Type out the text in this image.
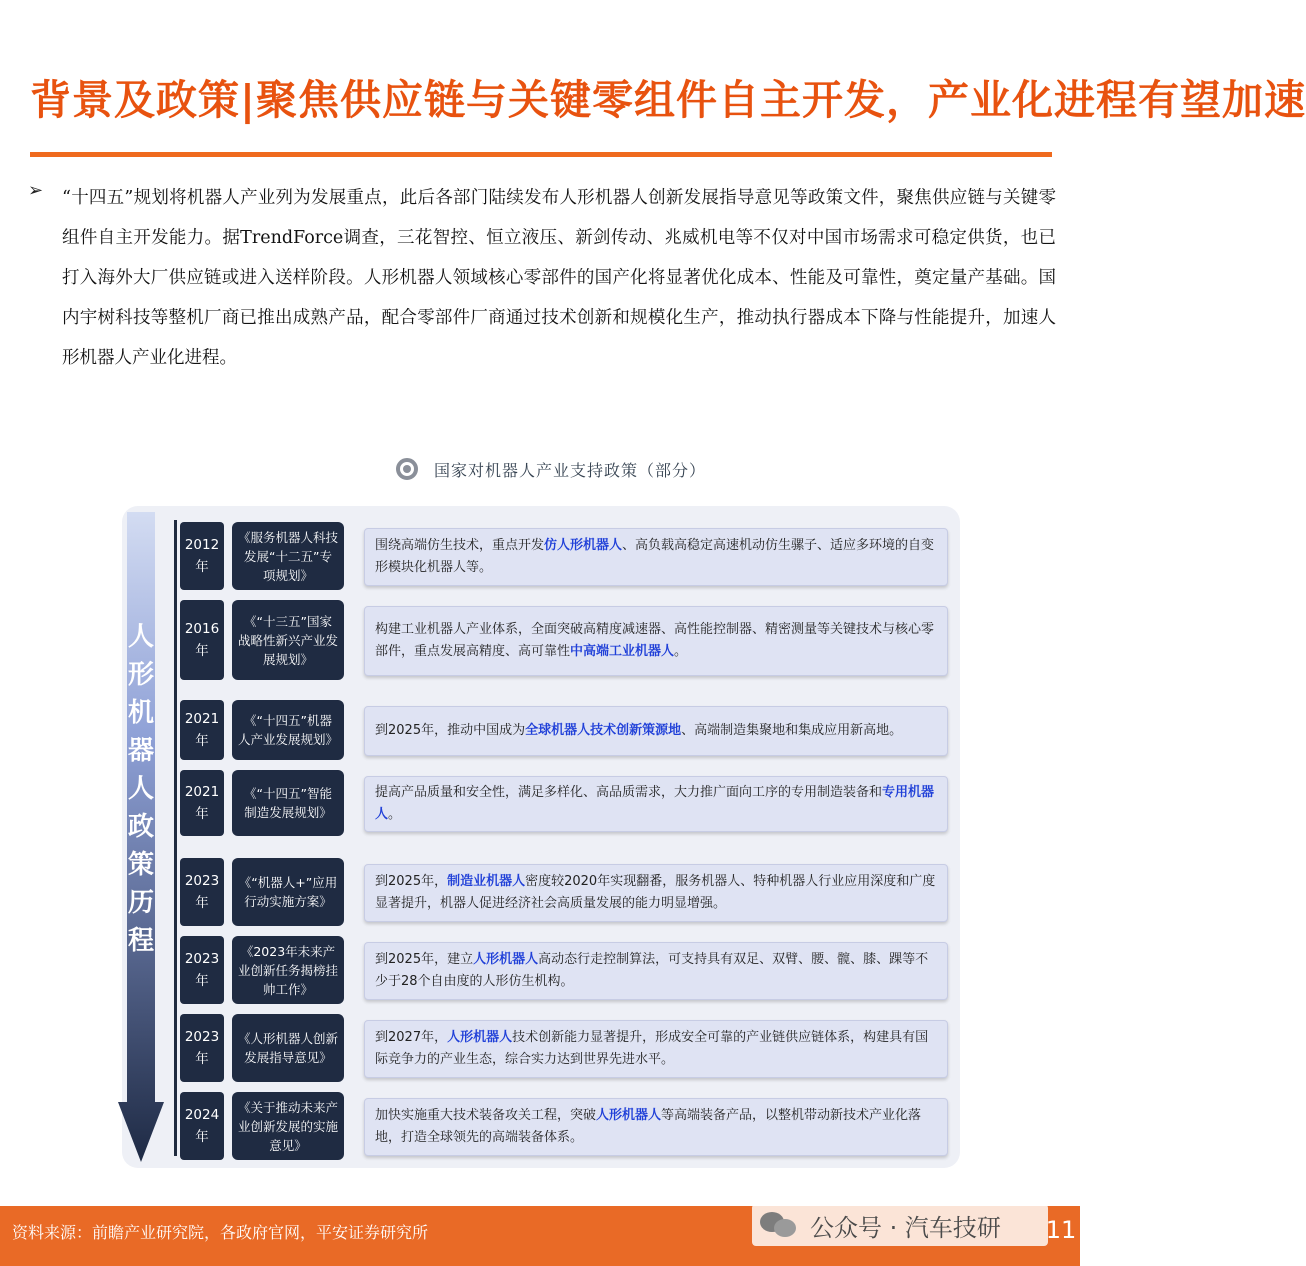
背景及政策|聚焦供应链与关键零组件自主开发，产业化进程有望加速
➢	“十四五”规划将机器人产业列为发展重点，此后各部门陆续发布人形机器人创新发展指导意见等政策文件，聚焦供应链与关键零组件自主开发能力。据TrendForce调查，三花智控、恒立液压、新剑传动、兆威机电等不仅对中国市场需求可稳定供货，也已打入海外大厂供应链或进入送样阶段。人形机器人领域核心零部件的国产化将显著优化成本、性能及可靠性，奠定量产基础。国内宇树科技等整机厂商已推出成熟产品，配合零部件厂商通过技术创新和规模化生产，推动执行器成本下降与性能提升，加速人形机器人产业化进程。
国家对机器人产业支持政策（部分）
人
形
机
器
人
政
策
历
程
2012
年
《服务机器人科技发展“十二五”专项规划》
围绕高端仿生技术，重点开发仿人形机器人、高负载高稳定高速机动仿生骡子、适应多环境的自变形模块化机器人等。
2016
年
《“十三五”国家战略性新兴产业发展规划》
构建工业机器人产业体系，全面突破高精度减速器、高性能控制器、精密测量等关键技术与核心零部件，重点发展高精度、高可靠性中高端工业机器人。
2021
年
《“十四五”机器人产业发展规划》
到2025年，推动中国成为全球机器人技术创新策源地、高端制造集聚地和集成应用新高地。
2021
年
《“十四五”智能制造发展规划》
提高产品质量和安全性，满足多样化、高品质需求，大力推广面向工序的专用制造装备和专用机器人。
2023
年
《“机器人+”应用行动实施方案》
到2025年，制造业机器人密度较2020年实现翻番，服务机器人、特种机器人行业应用深度和广度显著提升，机器人促进经济社会高质量发展的能力明显增强。
2023
年
《2023年未来产业创新任务揭榜挂帅工作》
到2025年，建立人形机器人高动态行走控制算法，可支持具有双足、双臂、腰、髋、膝、踝等不少于28个自由度的人形仿生机构。
2023
年
《人形机器人创新发展指导意见》
到2027年，人形机器人技术创新能力显著提升，形成安全可靠的产业链供应链体系，构建具有国际竞争力的产业生态，综合实力达到世界先进水平。
2024
年
《关于推动未来产业创新发展的实施意见》
加快实施重大技术装备攻关工程，突破人形机器人等高端装备产品，以整机带动新技术产业化落地，打造全球领先的高端装备体系。
资料来源：前瞻产业研究院，各政府官网，平安证券研究所	公众号 · 汽车技研 11
